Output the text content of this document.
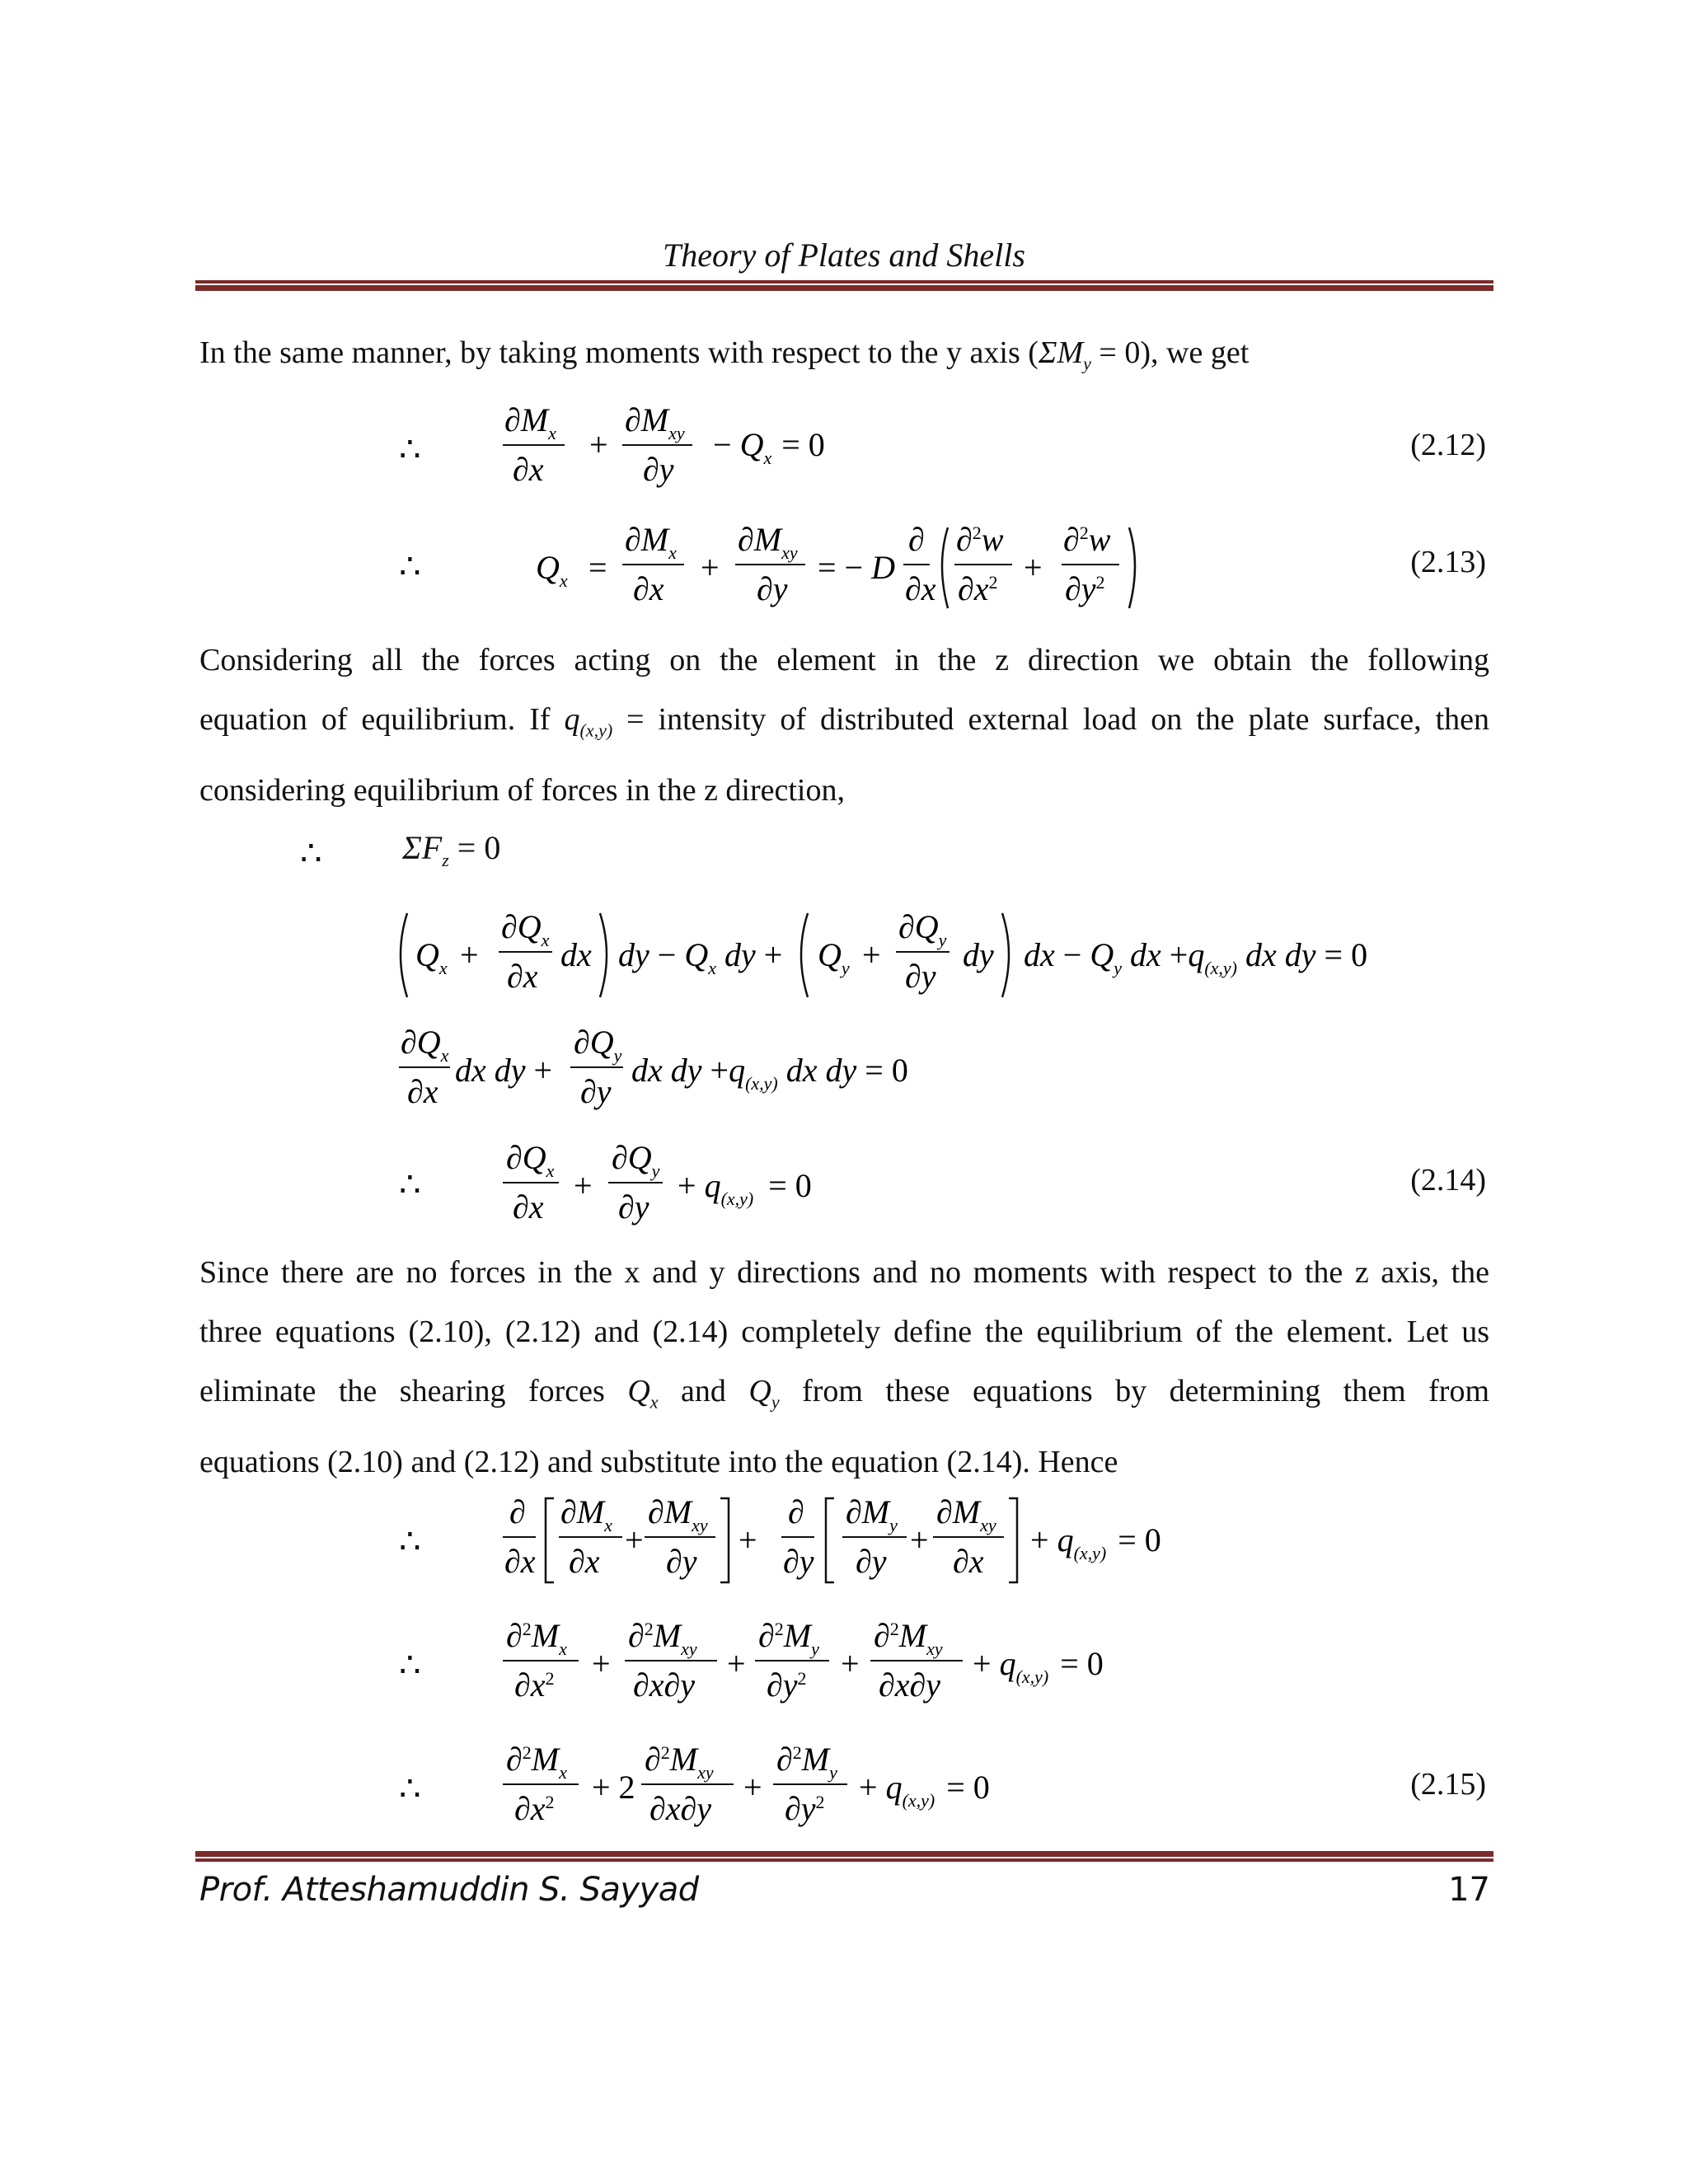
Theory of Plates and Shells
In the same manner, by taking moments with respect to the y axis $(\Sigma M_y = 0)$, we get
∴
$\partial M_x$
∂x
+
$\partial M_{xy}$
∂y
− $Q_x = 0$	(2.12)
∴	$Q_x$ =
$\partial M_x$
∂x
+
$\partial M_{xy}$
∂y
= − D
∂
∂x
∂$^2$w
$\partial x^2$ +
∂$^2$w
$\partial y^2$
(2.13)
Considering all the forces acting on the element in the z direction we obtain the following
equation of equilibrium. If $q_{(x,y)}$ = intensity of distributed external load on the plate surface, then
considering equilibrium of forces in the z direction,
∴ $\Sigma F_z = 0$
$Q_x$ +
$\partial Q_x$
∂x
dx dy − $Q_x$ dy + $Q_y$ +
$\partial Q_y$
∂y
dy dx − $Q_y$ dx $+q_{(x,y)}$ dx dy = 0
$\partial Q_x$
∂x
dx dy +
$\partial Q_y$
∂y
dx dy $+q_{(x,y)}$ dx dy = 0
∴
$\partial Q_x$
∂x
+
$\partial Q_y$
∂y
+ $q_{(x,y)} = 0$	(2.14)
Since there are no forces in the x and y directions and no moments with respect to the z axis, the
three equations (2.10), (2.12) and (2.14) completely define the equilibrium of the element. Let us
eliminate the shearing forces $Q_x$ and $Q_y$ from these equations by determining them from
equations (2.10) and (2.12) and substitute into the equation (2.14). Hence
∴
∂
∂x
$\partial M_x$
∂x
+
$\partial M_{xy}$
∂y
+
∂
∂y
$\partial M_y$
∂y
+
$\partial M_{xy}$
∂x
+ $q_{(x,y)} = 0$
∴
$\partial^2M_x$
$\partial x^2$ +
$\partial^2M_{xy}$
∂x∂y
+
$\partial^2M_y$
$\partial y^2$ +
$\partial^2M_{xy}$
∂x∂y
+ $q_{(x,y)} = 0$
∴
$\partial^2M_x$
$\partial x^2 + 2$
$\partial^2M_{xy}$
∂x∂y
+
$\partial^2M_y$
$\partial y^2 + q_{(x,y)} = 0$	(2.15)
Prof. Atteshamuddin S. Sayyad	17
